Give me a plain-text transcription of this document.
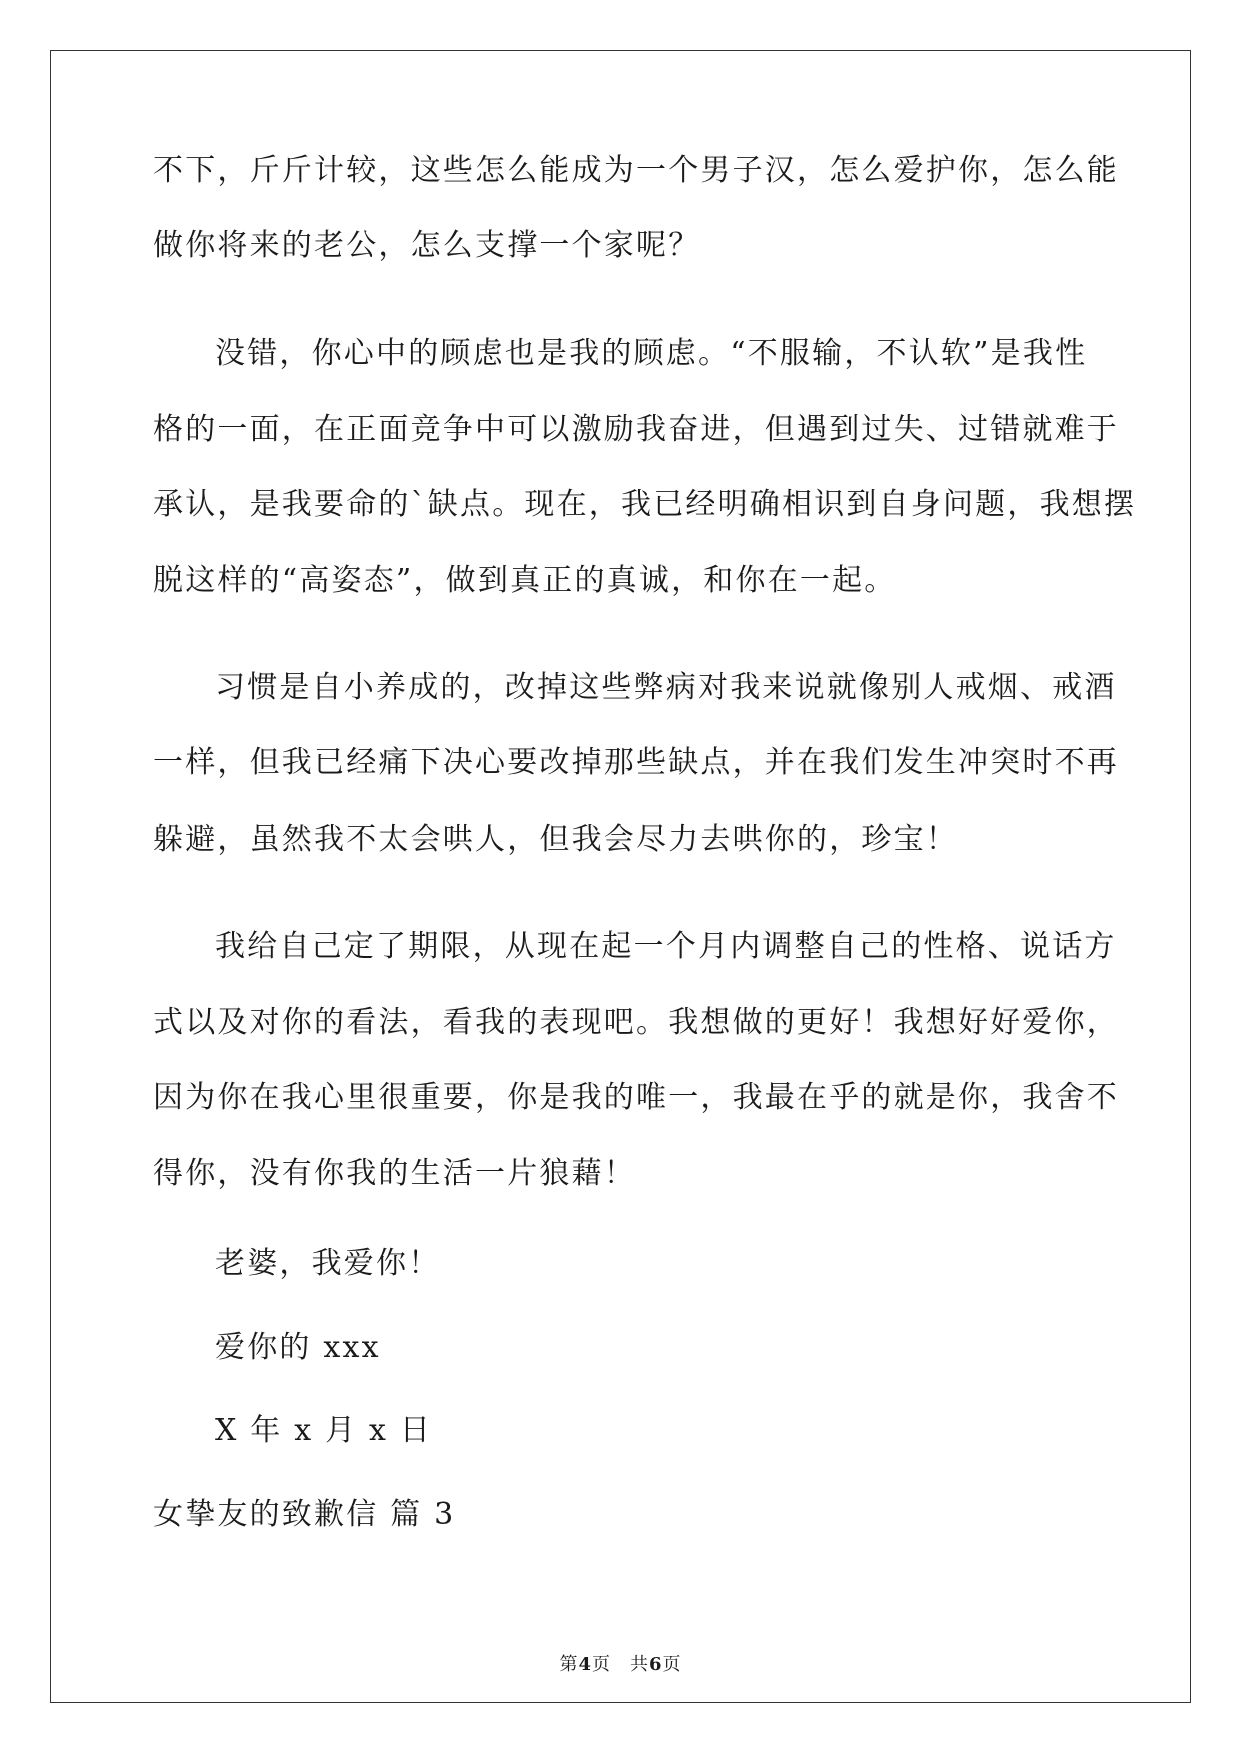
不下，斤斤计较，这些怎么能成为一个男子汉，怎么爱护你，怎么能
做你将来的老公，怎么支撑一个家呢？
没错，你心中的顾虑也是我的顾虑。“不服输，不认软”是我性
格的一面，在正面竞争中可以激励我奋进，但遇到过失、过错就难于
承认，是我要命的`缺点。现在，我已经明确相识到自身问题，我想摆
脱这样的“高姿态”，做到真正的真诚，和你在一起。
习惯是自小养成的，改掉这些弊病对我来说就像别人戒烟、戒酒
一样，但我已经痛下决心要改掉那些缺点，并在我们发生冲突时不再
躲避，虽然我不太会哄人，但我会尽力去哄你的，珍宝！
我给自己定了期限，从现在起一个月内调整自己的性格、说话方
式以及对你的看法，看我的表现吧。我想做的更好！我想好好爱你，
因为你在我心里很重要，你是我的唯一，我最在乎的就是你，我舍不
得你，没有你我的生活一片狼藉！
老婆，我爱你！
爱你的 xxx
X 年 x 月 x 日
女挚友的致歉信 篇 3
第4页　共6页
